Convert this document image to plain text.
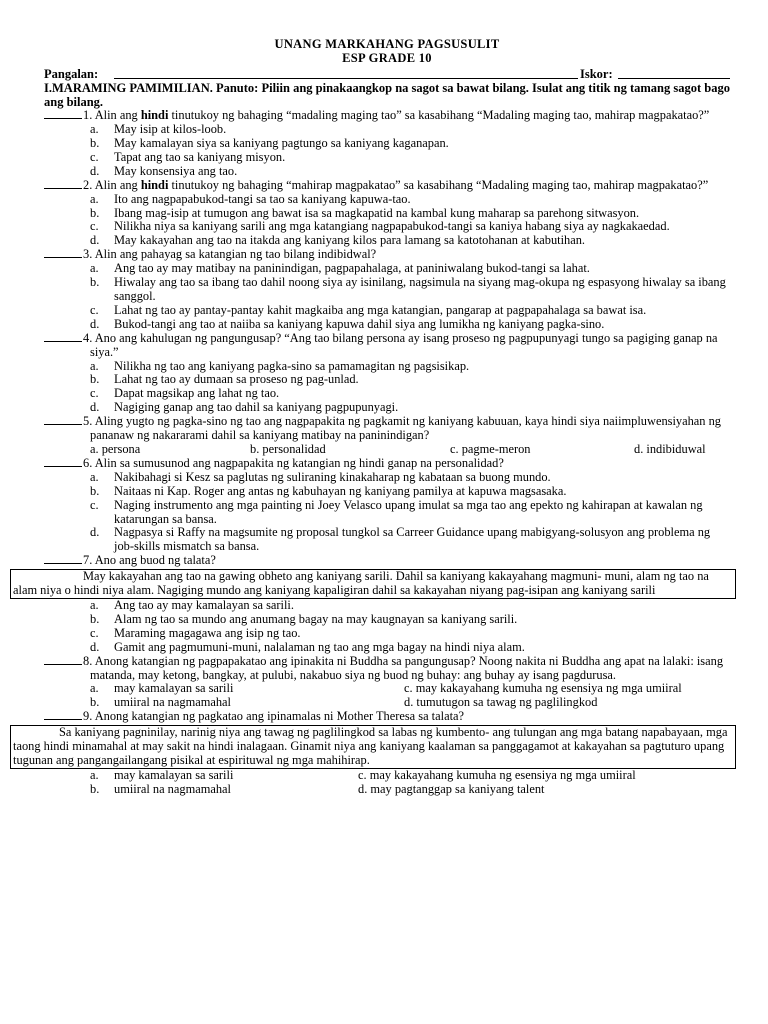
UNANG MARKAHANG PAGSUSULIT
ESP GRADE 10
Pangalan:	Iskor:
I.MARAMING PAMIMILIAN. Panuto: Piliin ang pinakaangkop na sagot sa bawat bilang. Isulat ang titik ng tamang sagot bago ang bilang.
1. Alin ang hindi tinutukoy ng bahaging “madaling maging tao” sa kasabihang “Madaling maging tao, mahirap magpakatao?”
a. May isip at kilos-loob.
b. May kamalayan siya sa kaniyang pagtungo sa kaniyang kaganapan.
c. Tapat ang tao sa kaniyang misyon.
d. May konsensiya ang tao.
2. Alin ang hindi tinutukoy ng bahaging “mahirap magpakatao” sa kasabihang “Madaling maging tao, mahirap magpakatao?”
a. Ito ang nagpapabukod-tangi sa tao sa kaniyang kapuwa-tao.
b. Ibang mag-isip at tumugon ang bawat isa sa magkapatid na kambal kung maharap sa parehong sitwasyon.
c. Nilikha niya sa kaniyang sarili ang mga katangiang nagpapabukod-tangi sa kaniya habang siya ay nagkakaedad.
d. May kakayahan ang tao na itakda ang kaniyang kilos para lamang sa katotohanan at kabutihan.
3. Alin ang pahayag sa katangian ng tao bilang indibidwal?
a. Ang tao ay may matibay na paninindigan, pagpapahalaga, at paniniwalang bukod-tangi sa lahat.
b. Hiwalay ang tao sa ibang tao dahil noong siya ay isinilang, nagsimula na siyang mag-okupa ng espasyong hiwalay sa ibang sanggol.
c. Lahat ng tao ay pantay-pantay kahit magkaiba ang mga katangian, pangarap at pagpapahalaga sa bawat isa.
d. Bukod-tangi ang tao at naiiba sa kaniyang kapuwa dahil siya ang lumikha ng kaniyang pagka-sino.
4. Ano ang kahulugan ng pangungusap? “Ang tao bilang persona ay isang proseso ng pagpupunyagi tungo sa pagiging ganap na siya.”
a. Nilikha ng tao ang kaniyang pagka-sino sa pamamagitan ng pagsisikap.
b. Lahat ng tao ay dumaan sa proseso ng pag-unlad.
c. Dapat magsikap ang lahat ng tao.
d. Nagiging ganap ang tao dahil sa kaniyang pagpupunyagi.
5. Aling yugto ng pagka-sino ng tao ang nagpapakita ng pagkamit ng kaniyang kabuuan, kaya hindi siya naiimpluwensiyahan ng pananaw ng nakararami dahil sa kaniyang matibay na paninindigan?
a. persona	b. personalidad	c. pagme-meron	d. indibiduwal
6. Alin sa sumusunod ang nagpapakita ng katangian ng hindi ganap na personalidad?
a. Nakibahagi si Kesz sa paglutas ng suliraning kinakaharap ng kabataan sa buong mundo.
b. Naitaas ni Kap. Roger ang antas ng kabuhayan ng kaniyang pamilya at kapuwa magsasaka.
c. Naging instrumento ang mga painting ni Joey Velasco upang imulat sa mga tao ang epekto ng kahirapan at kawalan ng katarungan sa bansa.
d. Nagpasya si Raffy na magsumite ng proposal tungkol sa Carreer Guidance upang mabigyang-solusyon ang problema ng job-skills mismatch sa bansa.
7. Ano ang buod ng talata?
May kakayahan ang tao na gawing obheto ang kaniyang sarili. Dahil sa kaniyang kakayahang magmuni- muni, alam ng tao na alam niya o hindi niya alam. Nagiging mundo ang kaniyang kapaligiran dahil sa kakayahan niyang pag-isipan ang kaniyang sarili
a. Ang tao ay may kamalayan sa sarili.
b. Alam ng tao sa mundo ang anumang bagay na may kaugnayan sa kaniyang sarili.
c. Maraming magagawa ang isip ng tao.
d. Gamit ang pagmumuni-muni, nalalaman ng tao ang mga bagay na hindi niya alam.
8. Anong katangian ng pagpapakatao ang ipinakita ni Buddha sa pangungusap? Noong nakita ni Buddha ang apat na lalaki: isang matanda, may ketong, bangkay, at pulubi, nakabuo siya ng buod ng buhay: ang buhay ay isang pagdurusa.
a. may kamalayan sa sarili	c. may kakayahang kumuha ng esensiya ng mga umiiral
b. umiiral na nagmamahal	d. tumutugon sa tawag ng paglilingkod
9. Anong katangian ng pagkatao ang ipinamalas ni Mother Theresa sa talata?
Sa kaniyang pagninilay, narinig niya ang tawag ng paglilingkod sa labas ng kumbento- ang tulungan ang mga batang napabayaan, mga taong hindi minamahal at may sakit na hindi inalagaan. Ginamit niya ang kaniyang kaalaman sa panggagamot at kakayahan sa pagtuturo upang tugunan ang pangangailangang pisikal at espirituwal ng mga mahihirap.
a. may kamalayan sa sarili	c. may kakayahang kumuha ng esensiya ng mga umiiral
b. umiiral na nagmamahal	d. may pagtanggap sa kaniyang talent
